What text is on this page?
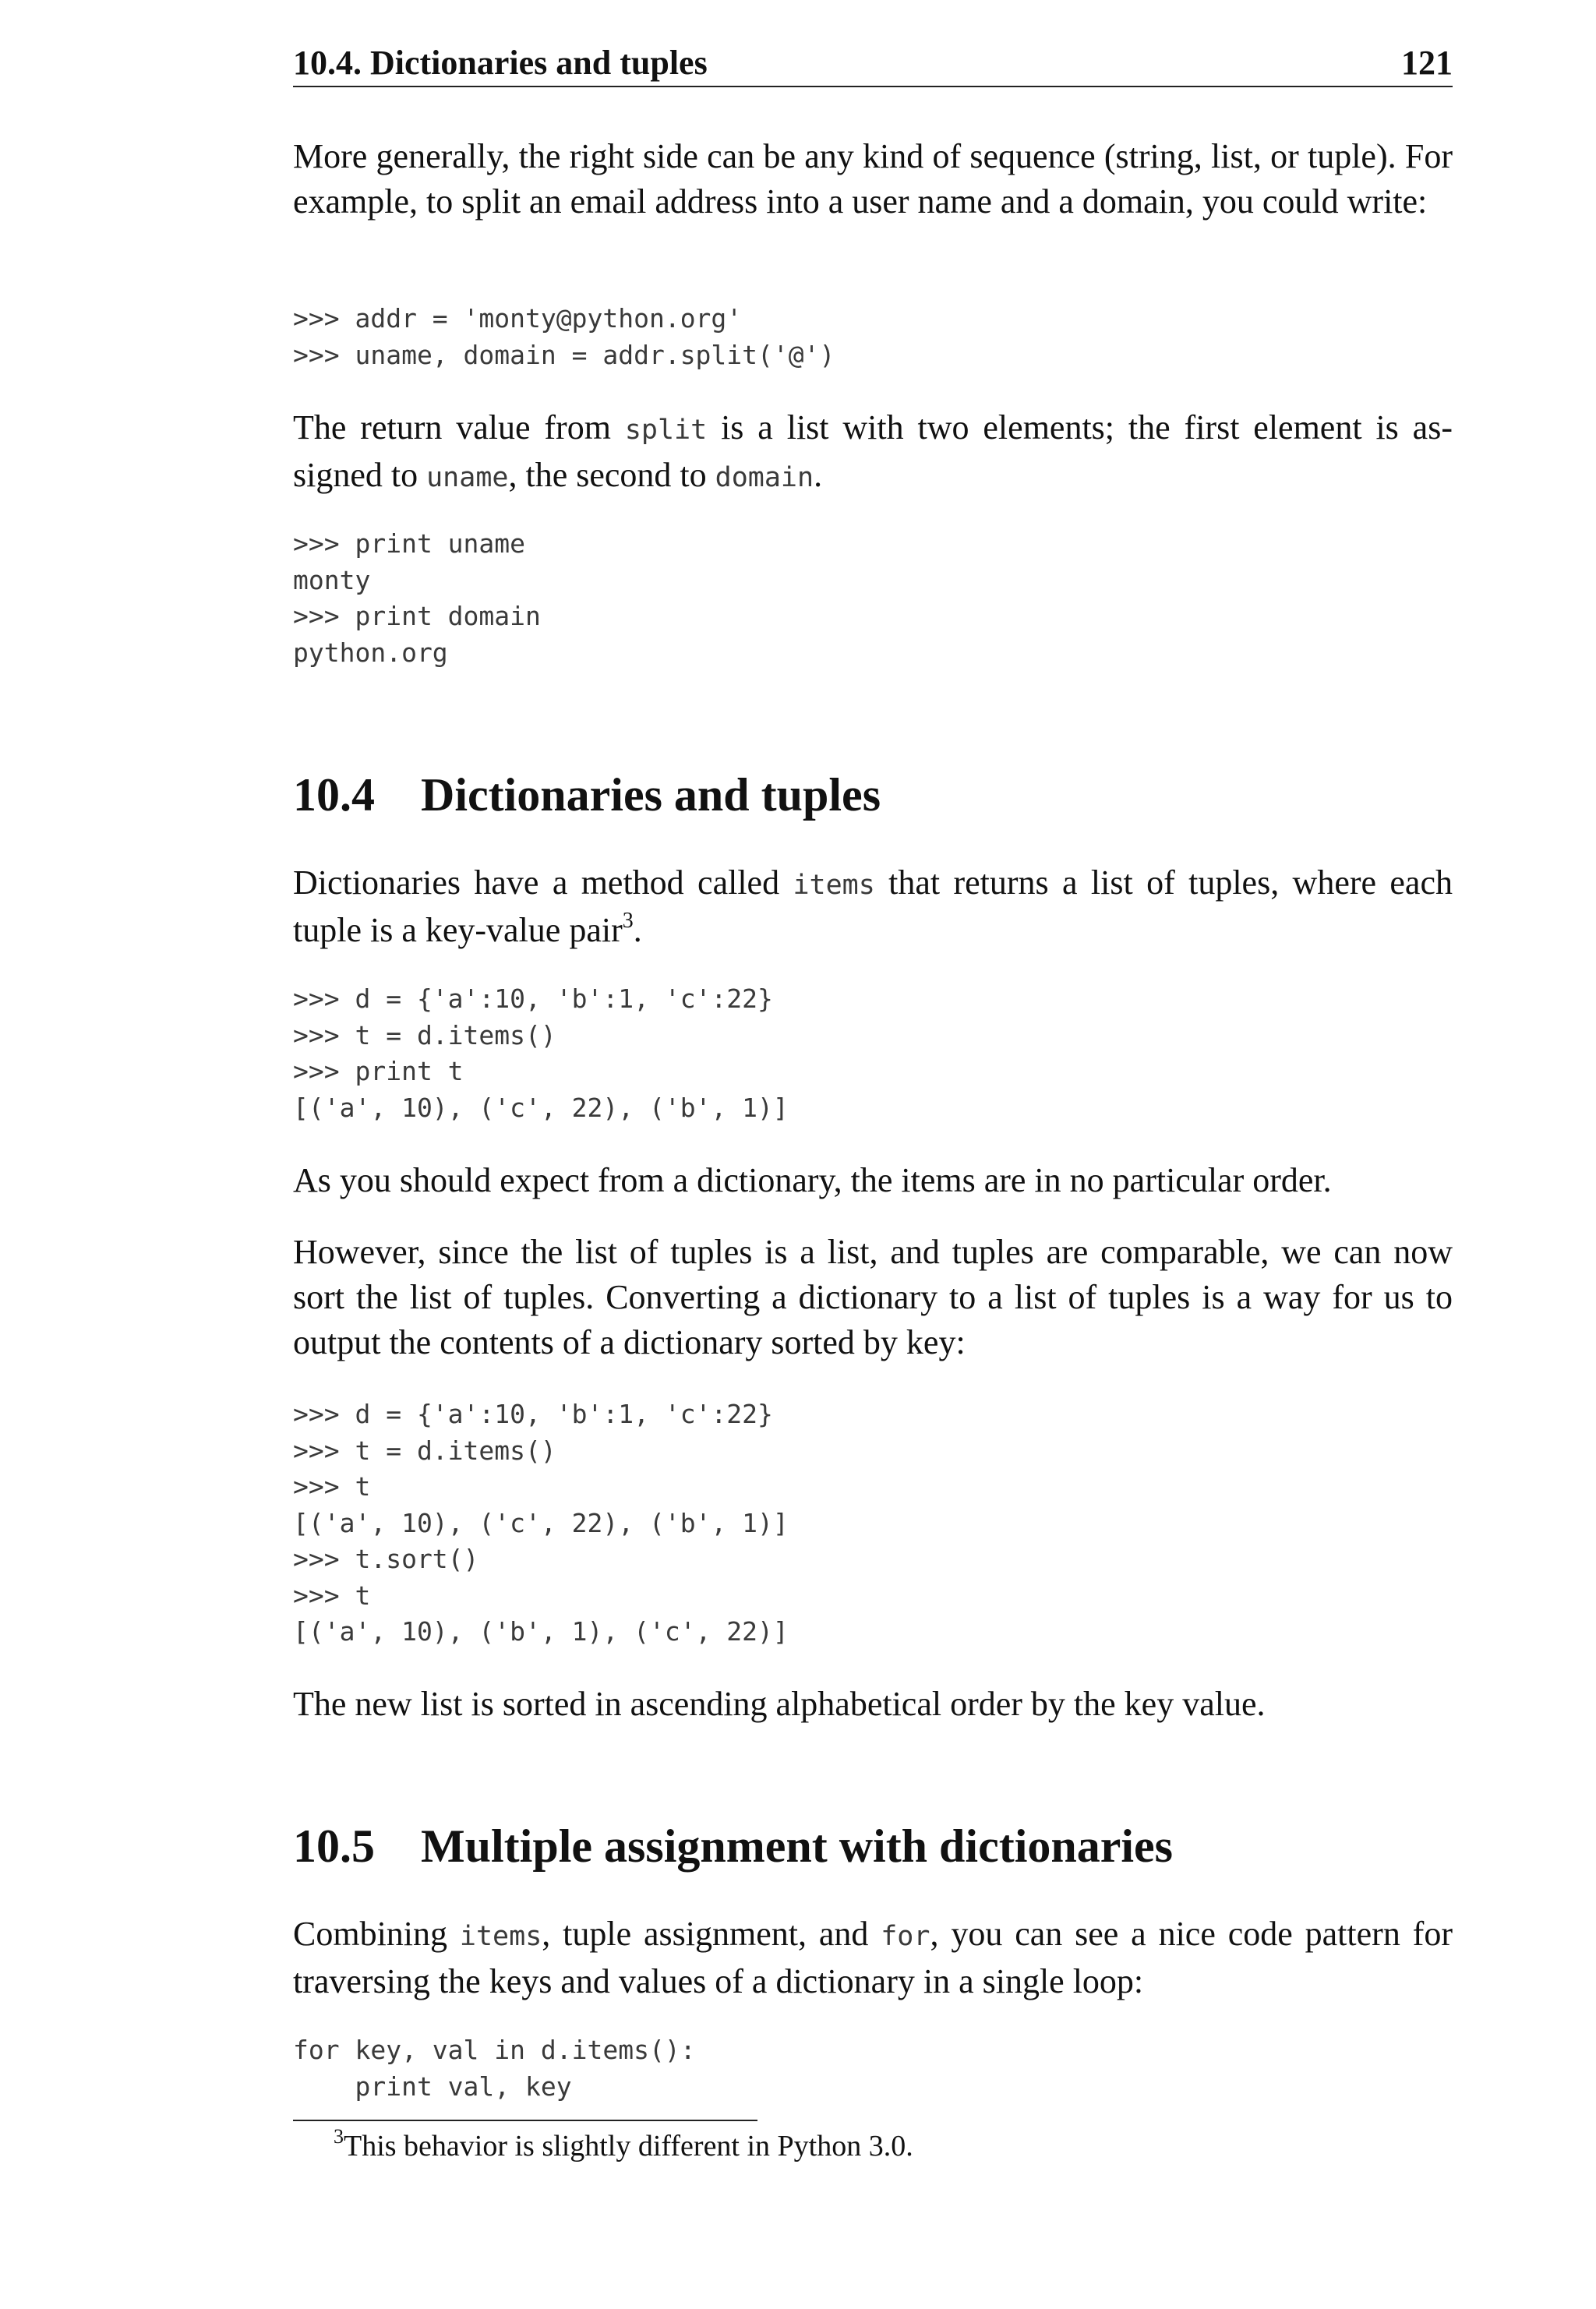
10.4. Dictionaries and tuples	121

More generally, the right side can be any kind of sequence (string, list, or tuple). For example, to split an email address into a user name and a domain, you could write:

>>> addr = 'monty@python.org'
>>> uname, domain = addr.split('@')

The return value from split is a list with two elements; the first element is as-signed to uname, the second to domain.

>>> print uname
monty
>>> print domain
python.org
10.4 Dictionaries and tuples

Dictionaries have a method called items that returns a list of tuples, where each tuple is a key-value pair$^3$.

>>> d = {'a':10, 'b':1, 'c':22}
>>> t = d.items()
>>> print t
[('a', 10), ('c', 22), ('b', 1)]

As you should expect from a dictionary, the items are in no particular order.

However, since the list of tuples is a list, and tuples are comparable, we can now sort the list of tuples. Converting a dictionary to a list of tuples is a way for us to output the contents of a dictionary sorted by key:

>>> d = {'a':10, 'b':1, 'c':22}
>>> t = d.items()
>>> t
[('a', 10), ('c', 22), ('b', 1)]
>>> t.sort()
>>> t
[('a', 10), ('b', 1), ('c', 22)]

The new list is sorted in ascending alphabetical order by the key value.

10.5 Multiple assignment with dictionaries

Combining items, tuple assignment, and for, you can see a nice code pattern for traversing the keys and values of a dictionary in a single loop:

for key, val in d.items():
print val, key
$^3$This behavior is slightly different in Python 3.0.
